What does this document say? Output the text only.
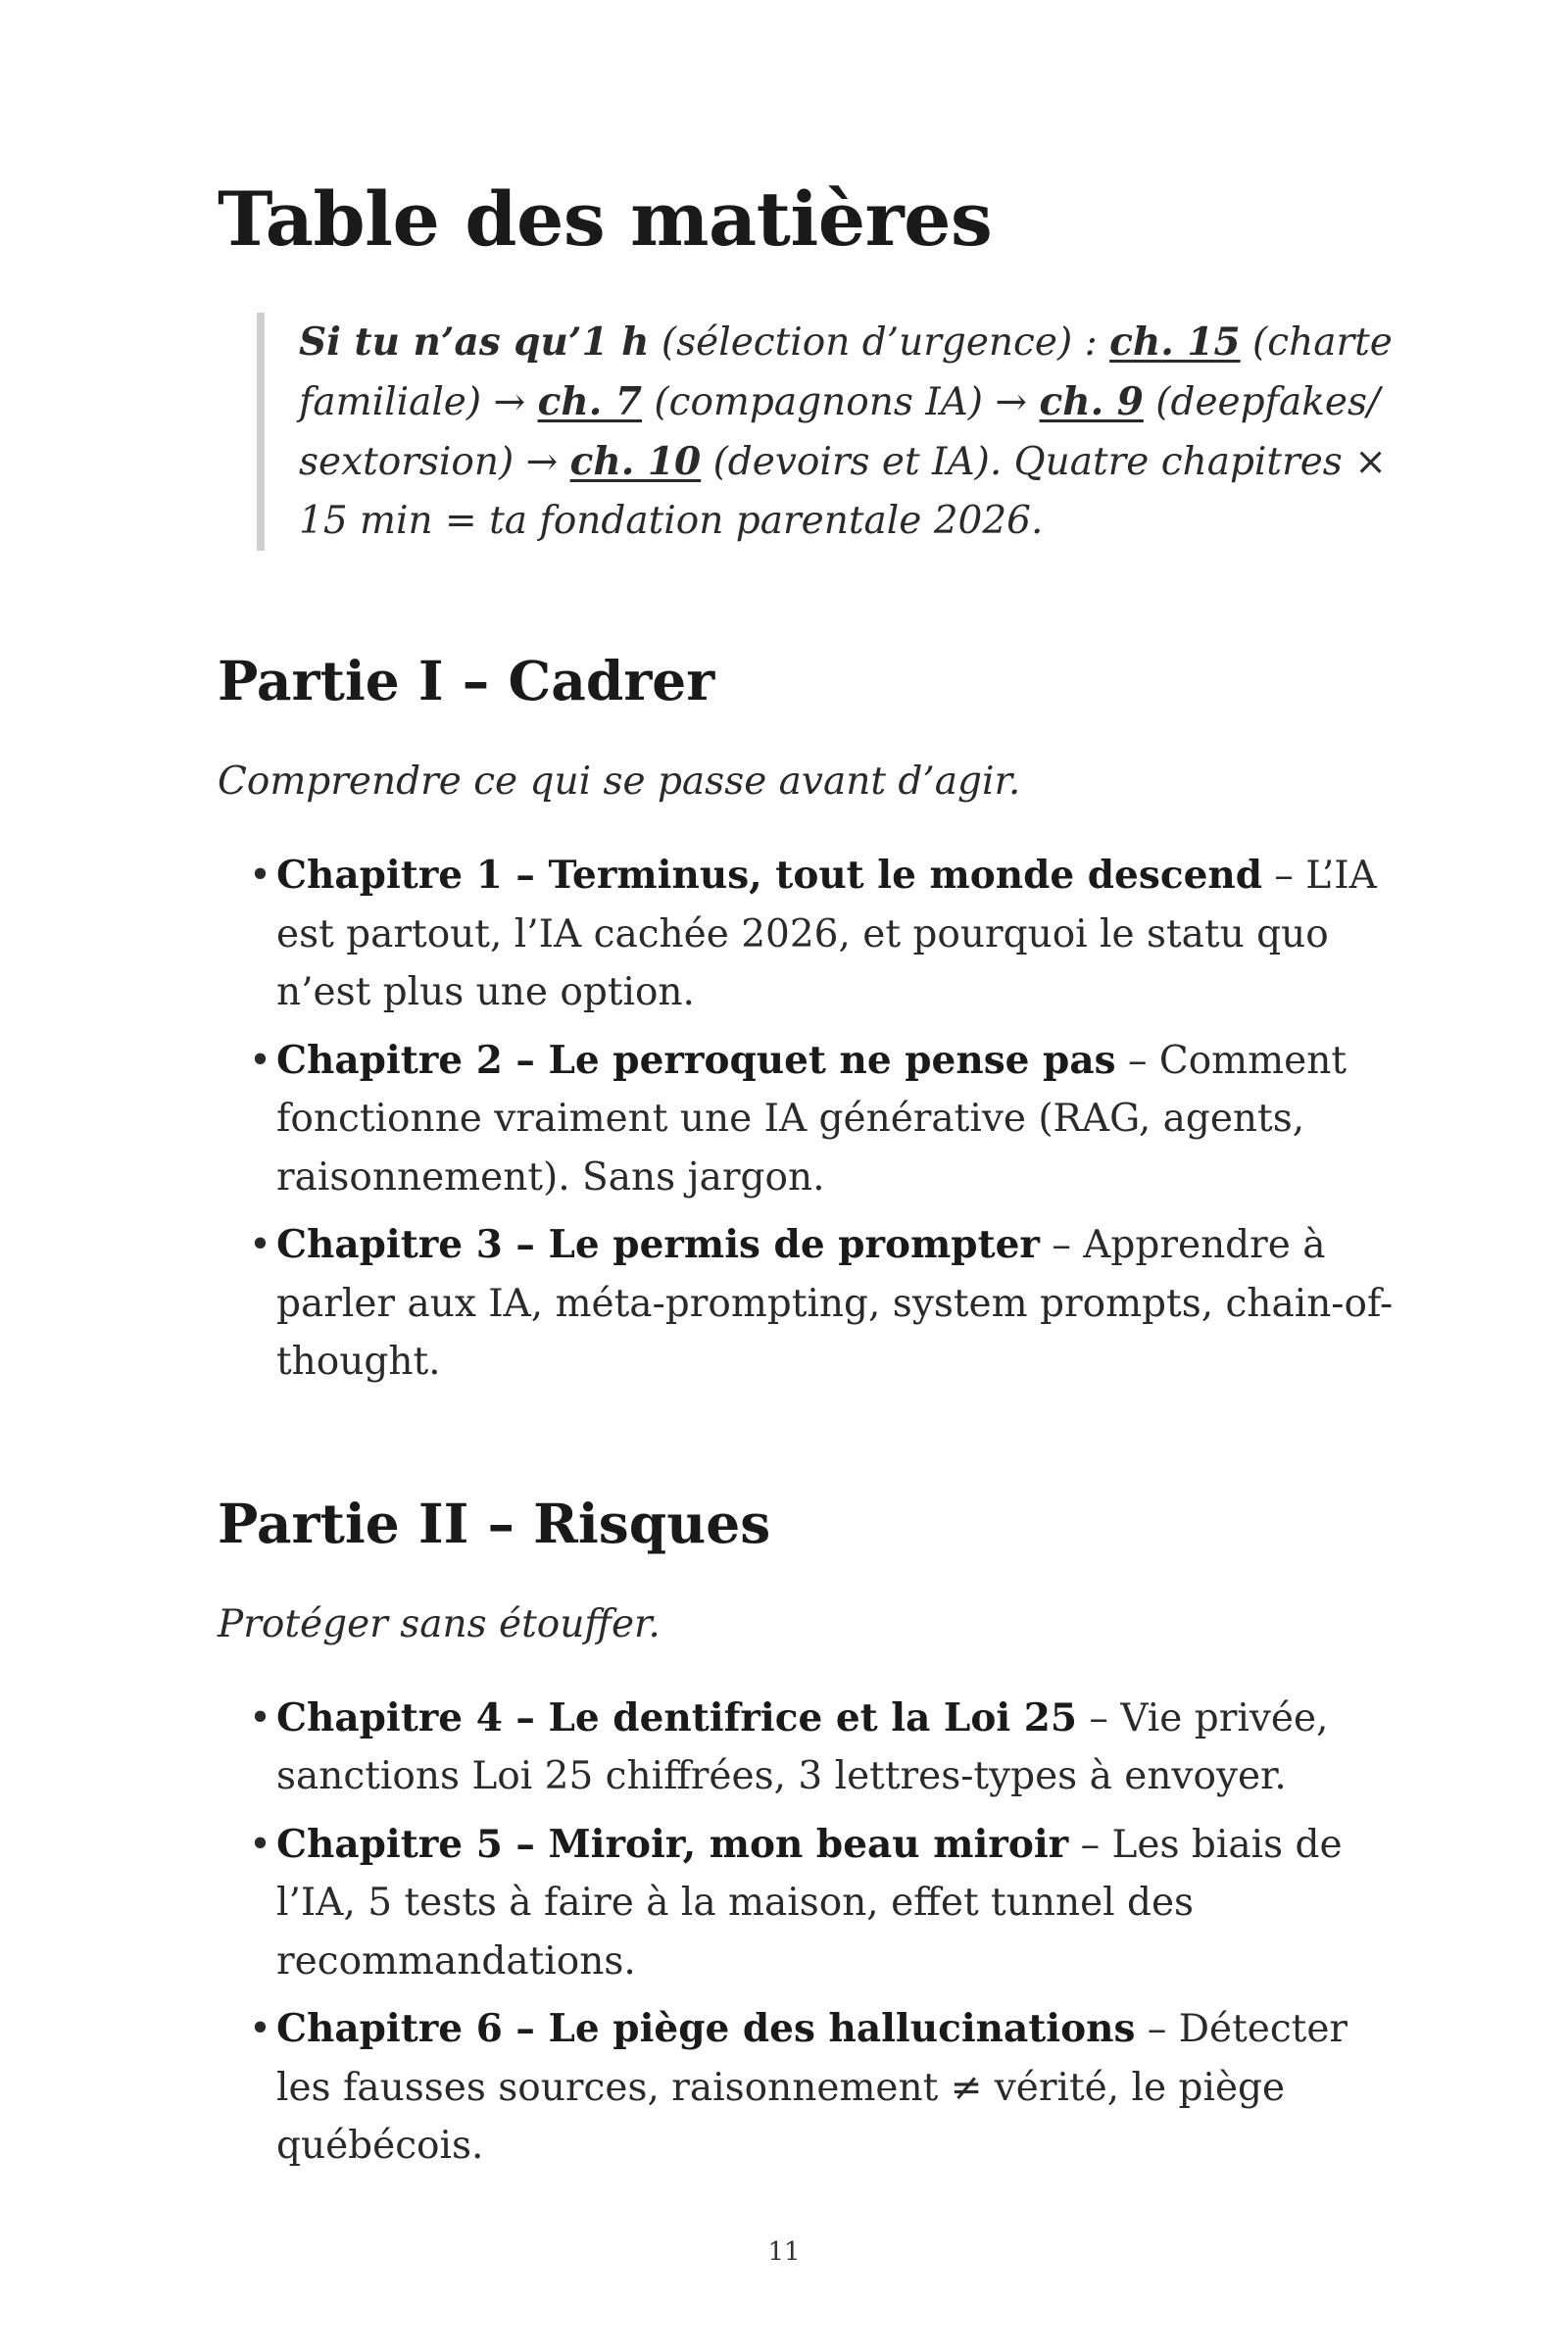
Table des matières
Si tu n’as qu’1 h (sélection d’urgence) : ch. 15 (charte familiale) → ch. 7 (compagnons IA) → ch. 9 (deepfakes/ sextorsion) → ch. 10 (devoirs et IA). Quatre chapitres × 15 min = ta fondation parentale 2026.
Partie I – Cadrer
Comprendre ce qui se passe avant d’agir.
• Chapitre 1 – Terminus, tout le monde descend – L’IA est partout, l’IA cachée 2026, et pourquoi le statu quo n’est plus une option.
• Chapitre 2 – Le perroquet ne pense pas – Comment fonctionne vraiment une IA générative (RAG, agents, raisonnement). Sans jargon.
• Chapitre 3 – Le permis de prompter – Apprendre à parler aux IA, méta-prompting, system prompts, chain-of-thought.
Partie II – Risques
Protéger sans étouffer.
• Chapitre 4 – Le dentifrice et la Loi 25 – Vie privée, sanctions Loi 25 chiffrées, 3 lettres-types à envoyer.
• Chapitre 5 – Miroir, mon beau miroir – Les biais de l’IA, 5 tests à faire à la maison, effet tunnel des recommandations.
• Chapitre 6 – Le piège des hallucinations – Détecter les fausses sources, raisonnement ≠ vérité, le piège québécois.
11
